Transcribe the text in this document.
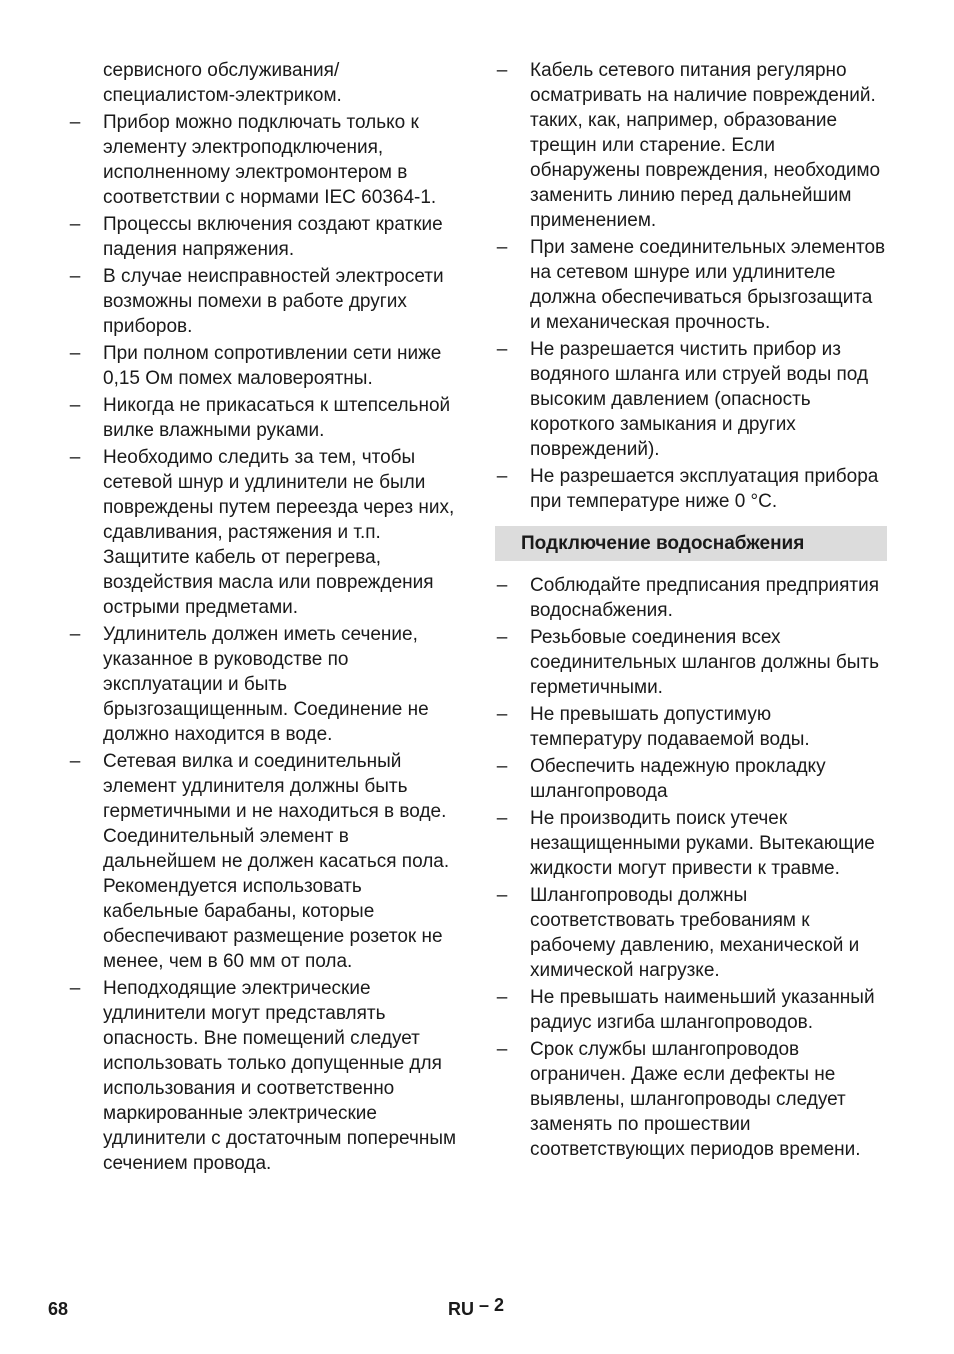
сервисного обслуживания/ специалистом-электриком.

– Прибор можно подключать только к элементу электроподключения, исполненному электромонтером в соответствии с нормами IEC 60364-1.
– Процессы включения создают краткие падения напряжения.
– В случае неисправностей электросети возможны помехи в работе других приборов.
– При полном сопротивлении сети ниже 0,15 Ом помех маловероятны.
– Никогда не прикасаться к штепсельной вилке влажными руками.
– Необходимо следить за тем, чтобы сетевой шнур и удлинители не были повреждены путем переезда через них, сдавливания, растяжения и т.п. Защитите кабель от перегрева, воздействия масла или повреждения острыми предметами.
– Удлинитель должен иметь сечение, указанное в руководстве по эксплуатации и быть брызгозащищенным. Соединение не должно находится в воде.
– Сетевая вилка и соединительный элемент удлинителя должны быть герметичными и не находиться в воде. Соединительный элемент в дальнейшем не должен касаться пола. Рекомендуется использовать кабельные барабаны, которые обеспечивают размещение розеток не менее, чем в 60 мм от пола.
– Неподходящие электрические удлинители могут представлять опасность. Вне помещений следует использовать только допущенные для использования и соответственно маркированные электрические удлинители с достаточным поперечным сечением провода.
– Кабель сетевого питания регулярно осматривать на наличие повреждений. таких, как, например, образование трещин или старение. Если обнаружены повреждения, необходимо заменить линию перед дальнейшим применением.
– При замене соединительных элементов на сетевом шнуре или удлинителе должна обеспечиваться брызгозащита и механическая прочность.
– Не разрешается чистить прибор из водяного шланга или струей воды под высоким давлением (опасность короткого замыкания и других повреждений).
– Не разрешается эксплуатация прибора при температуре ниже 0 °C.
Подключение водоснабжения
– Соблюдайте предписания предприятия водоснабжения.
– Резьбовые соединения всех соединительных шлангов должны быть герметичными.
– Не превышать допустимую температуру подаваемой воды.
– Обеспечить надежную прокладку шлангопровода
– Не производить поиск утечек незащищенными руками. Вытекающие жидкости могут привести к травме.
– Шлангопроводы должны соответствовать требованиям к рабочему давлению, механической и химической нагрузке.
– Не превышать наименьший указанный радиус изгиба шлангопроводов.
– Срок службы шлангопроводов ограничен. Даже если дефекты не выявлены, шлангопроводы следует заменять по прошествии соответствующих периодов времени.
68	RU – 2
